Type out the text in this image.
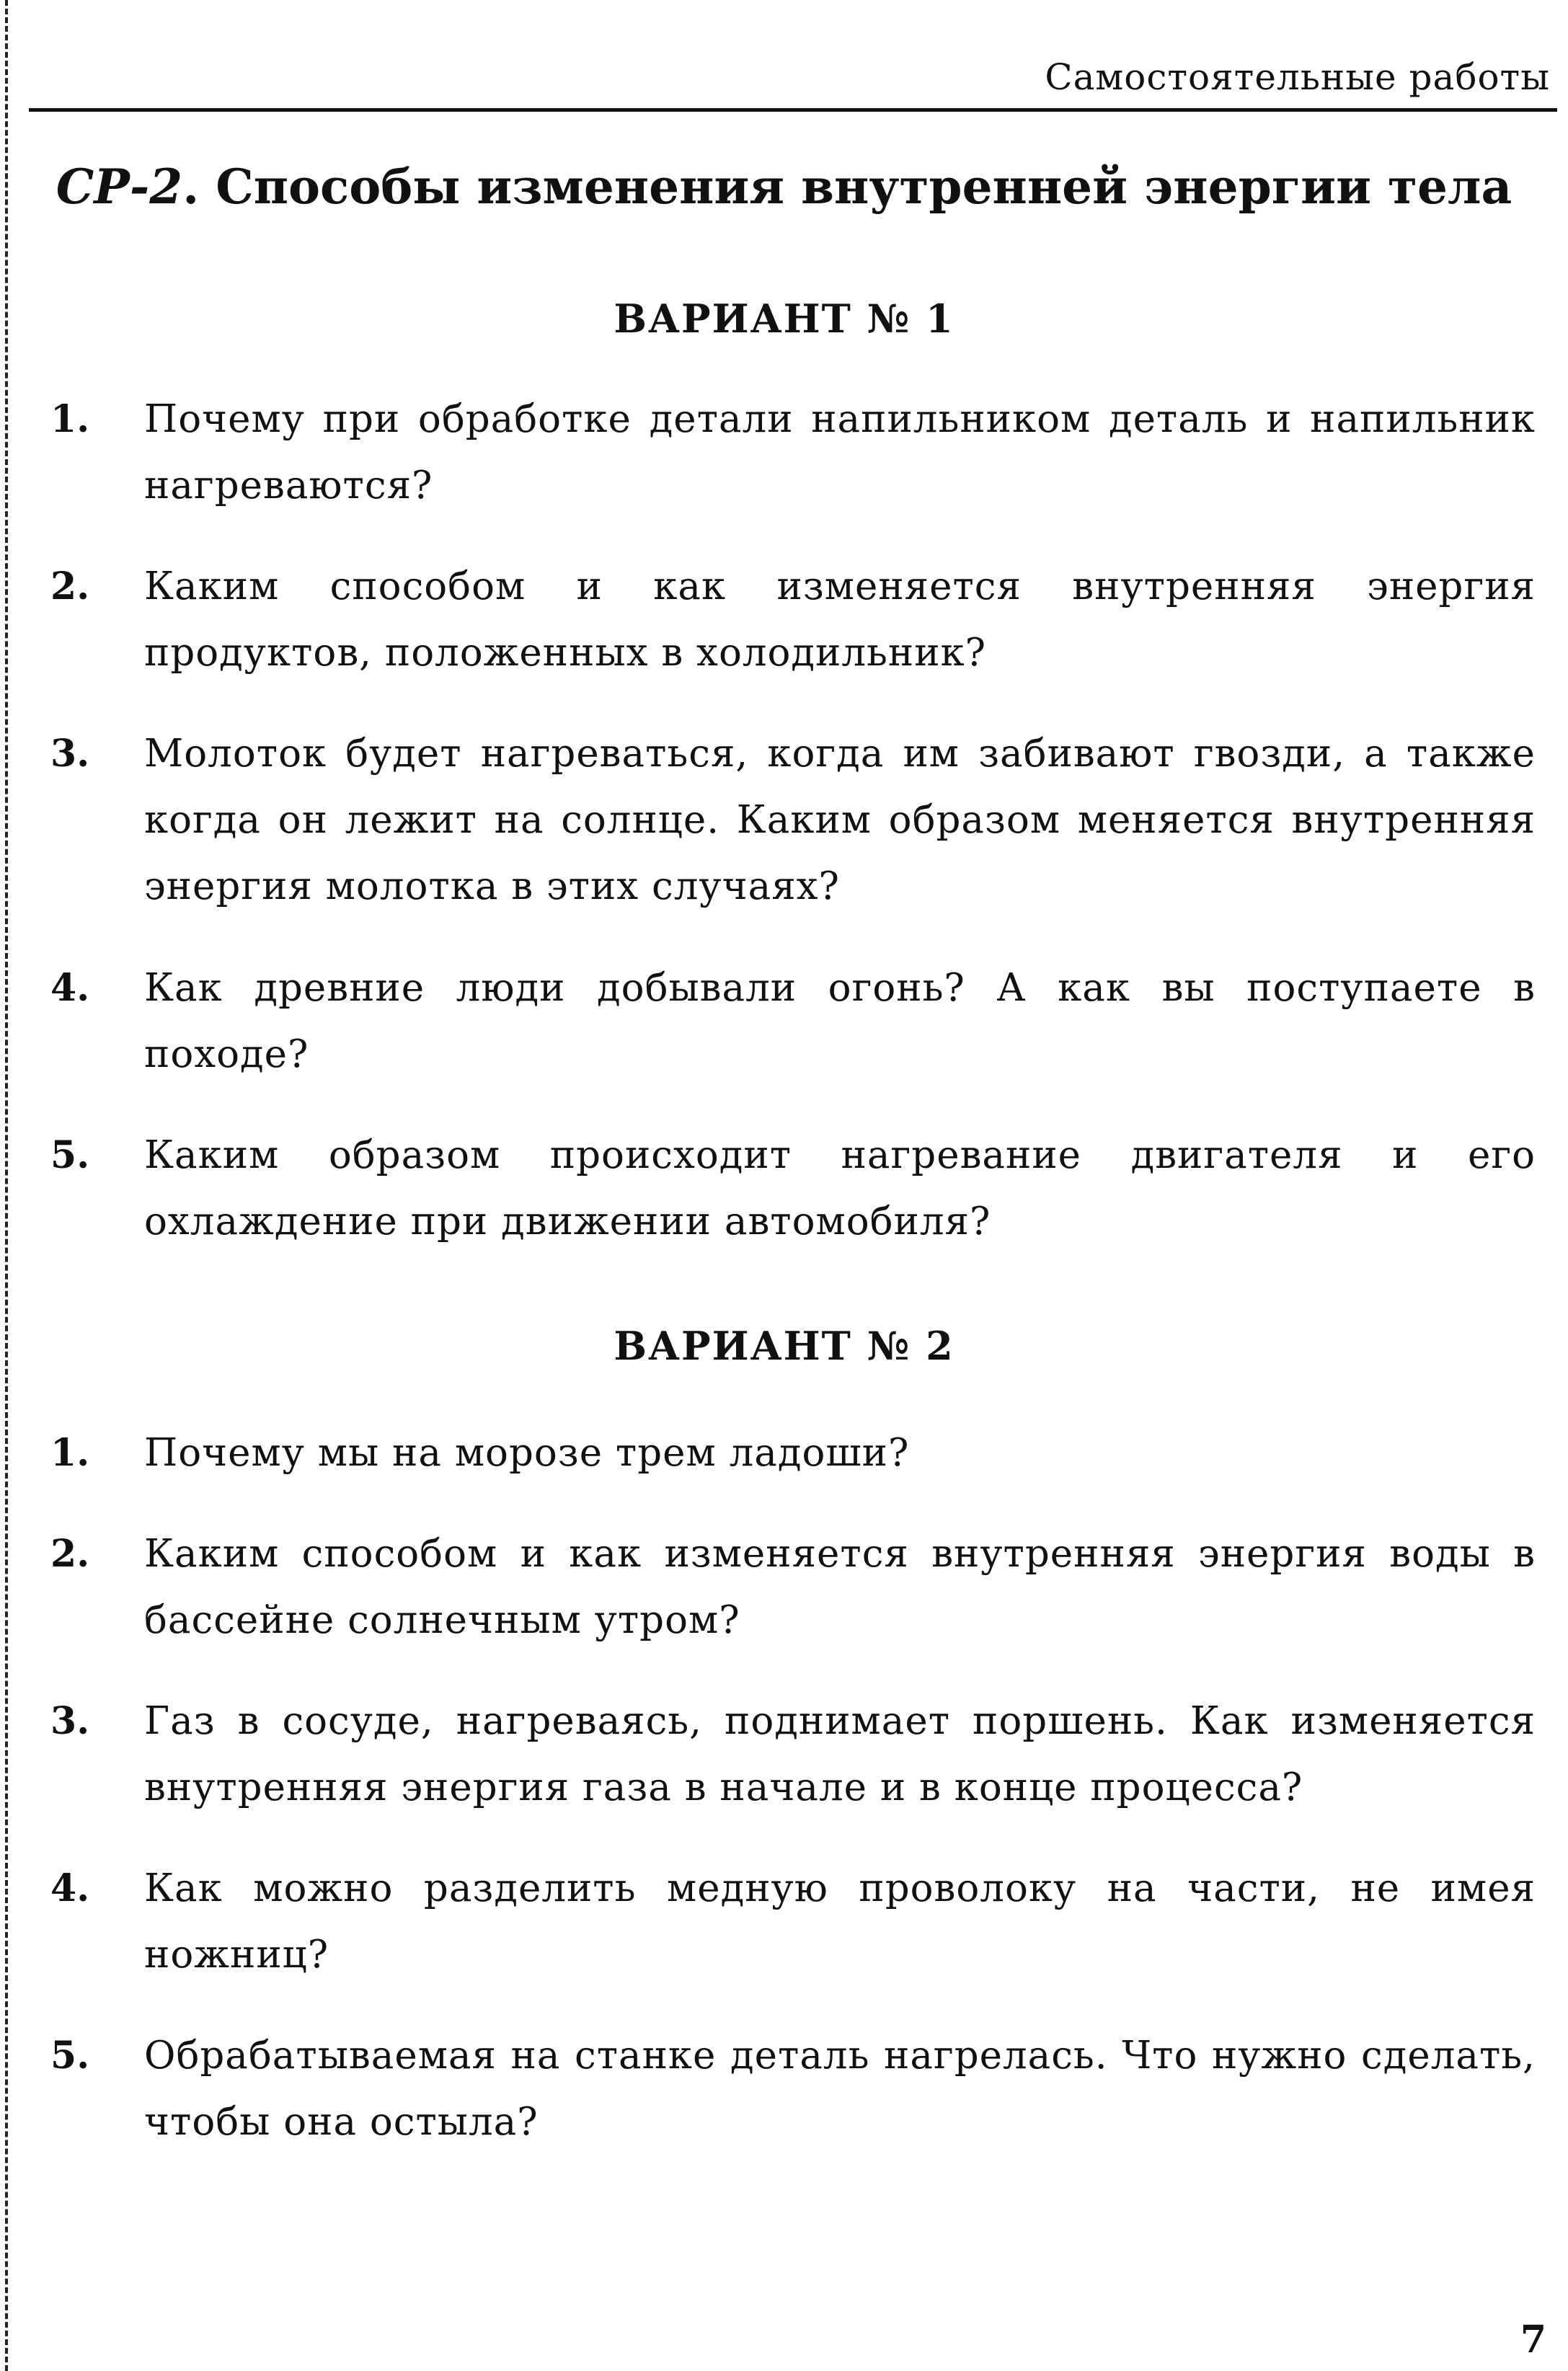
Самостоятельные работы
СР-2. Способы изменения внутренней энергии тела
ВАРИАНТ № 1
1. Почему при обработке детали напильником деталь и напильник нагреваются?
2. Каким способом и как изменяется внутренняя энергия продуктов, положенных в холодильник?
3. Молоток будет нагреваться, когда им забивают гвозди, а также когда он лежит на солнце. Каким образом меняется внутренняя энергия молотка в этих случаях?
4. Как древние люди добывали огонь? А как вы поступаете в походе?
5. Каким образом происходит нагревание двигателя и его охлаждение при движении автомобиля?
ВАРИАНТ № 2
1. Почему мы на морозе трем ладоши?
2. Каким способом и как изменяется внутренняя энергия воды в бассейне солнечным утром?
3. Газ в сосуде, нагреваясь, поднимает поршень. Как изменяется внутренняя энергия газа в начале и в конце процесса?
4. Как можно разделить медную проволоку на части, не имея ножниц?
5. Обрабатываемая на станке деталь нагрелась. Что нужно сделать, чтобы она остыла?
7
